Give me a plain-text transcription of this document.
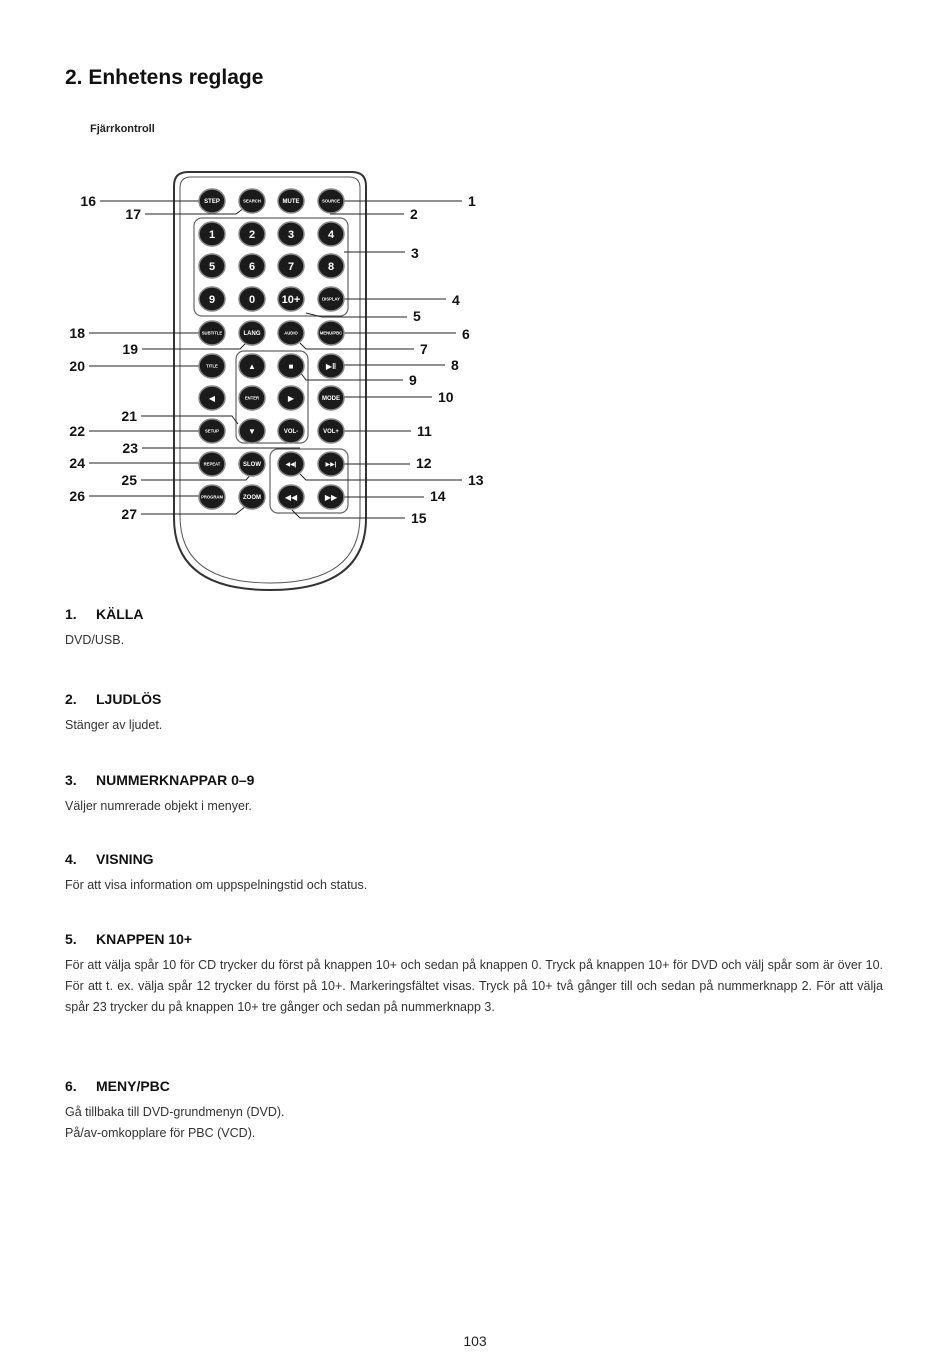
2. Enhetens reglage
Fjärrkontroll
STEP	SEARCH	MUTE	SOURCE
1	2	3	4
5	6	7	8
9	0 10+	DISPLAY
SUBTITLE	LANG	AUDIO	MENU/PBC
TITLE	▲	■	▶‖
◀	ENTER	▶	MODE
SETUP	▼	VOL-	VOL+
REPEAT	SLOW	◀◀|	▶▶|
PROGRAM	ZOOM	◀◀	▶▶
1
2
3
4
5
6
7
8
9
10
11
12
13
14
15
16
17
18
19
20
21
22
23
24
25
26
27
1. KÄLLA

DVD/USB.

2. LJUDLÖS

Stänger av ljudet.

3. NUMMERKNAPPAR 0–9

Väljer numrerade objekt i menyer.

4. VISNING

För att visa information om uppspelningstid och status.

5. KNAPPEN 10+

För att välja spår 10 för CD trycker du först på knappen 10+ och sedan på knappen 0. Tryck på knappen 10+ för DVD och välj spår som är över 10. För att t. ex. välja spår 12 trycker du först på 10+. Markeringsfältet visas. Tryck på 10+ två gånger till och sedan på nummerknapp 2. För att välja spår 23 trycker du på knappen 10+ tre gånger och sedan på nummerknapp 3.

6. MENY/PBC

Gå tillbaka till DVD-grundmenyn (DVD).

På/av-omkopplare för PBC (VCD).

103
